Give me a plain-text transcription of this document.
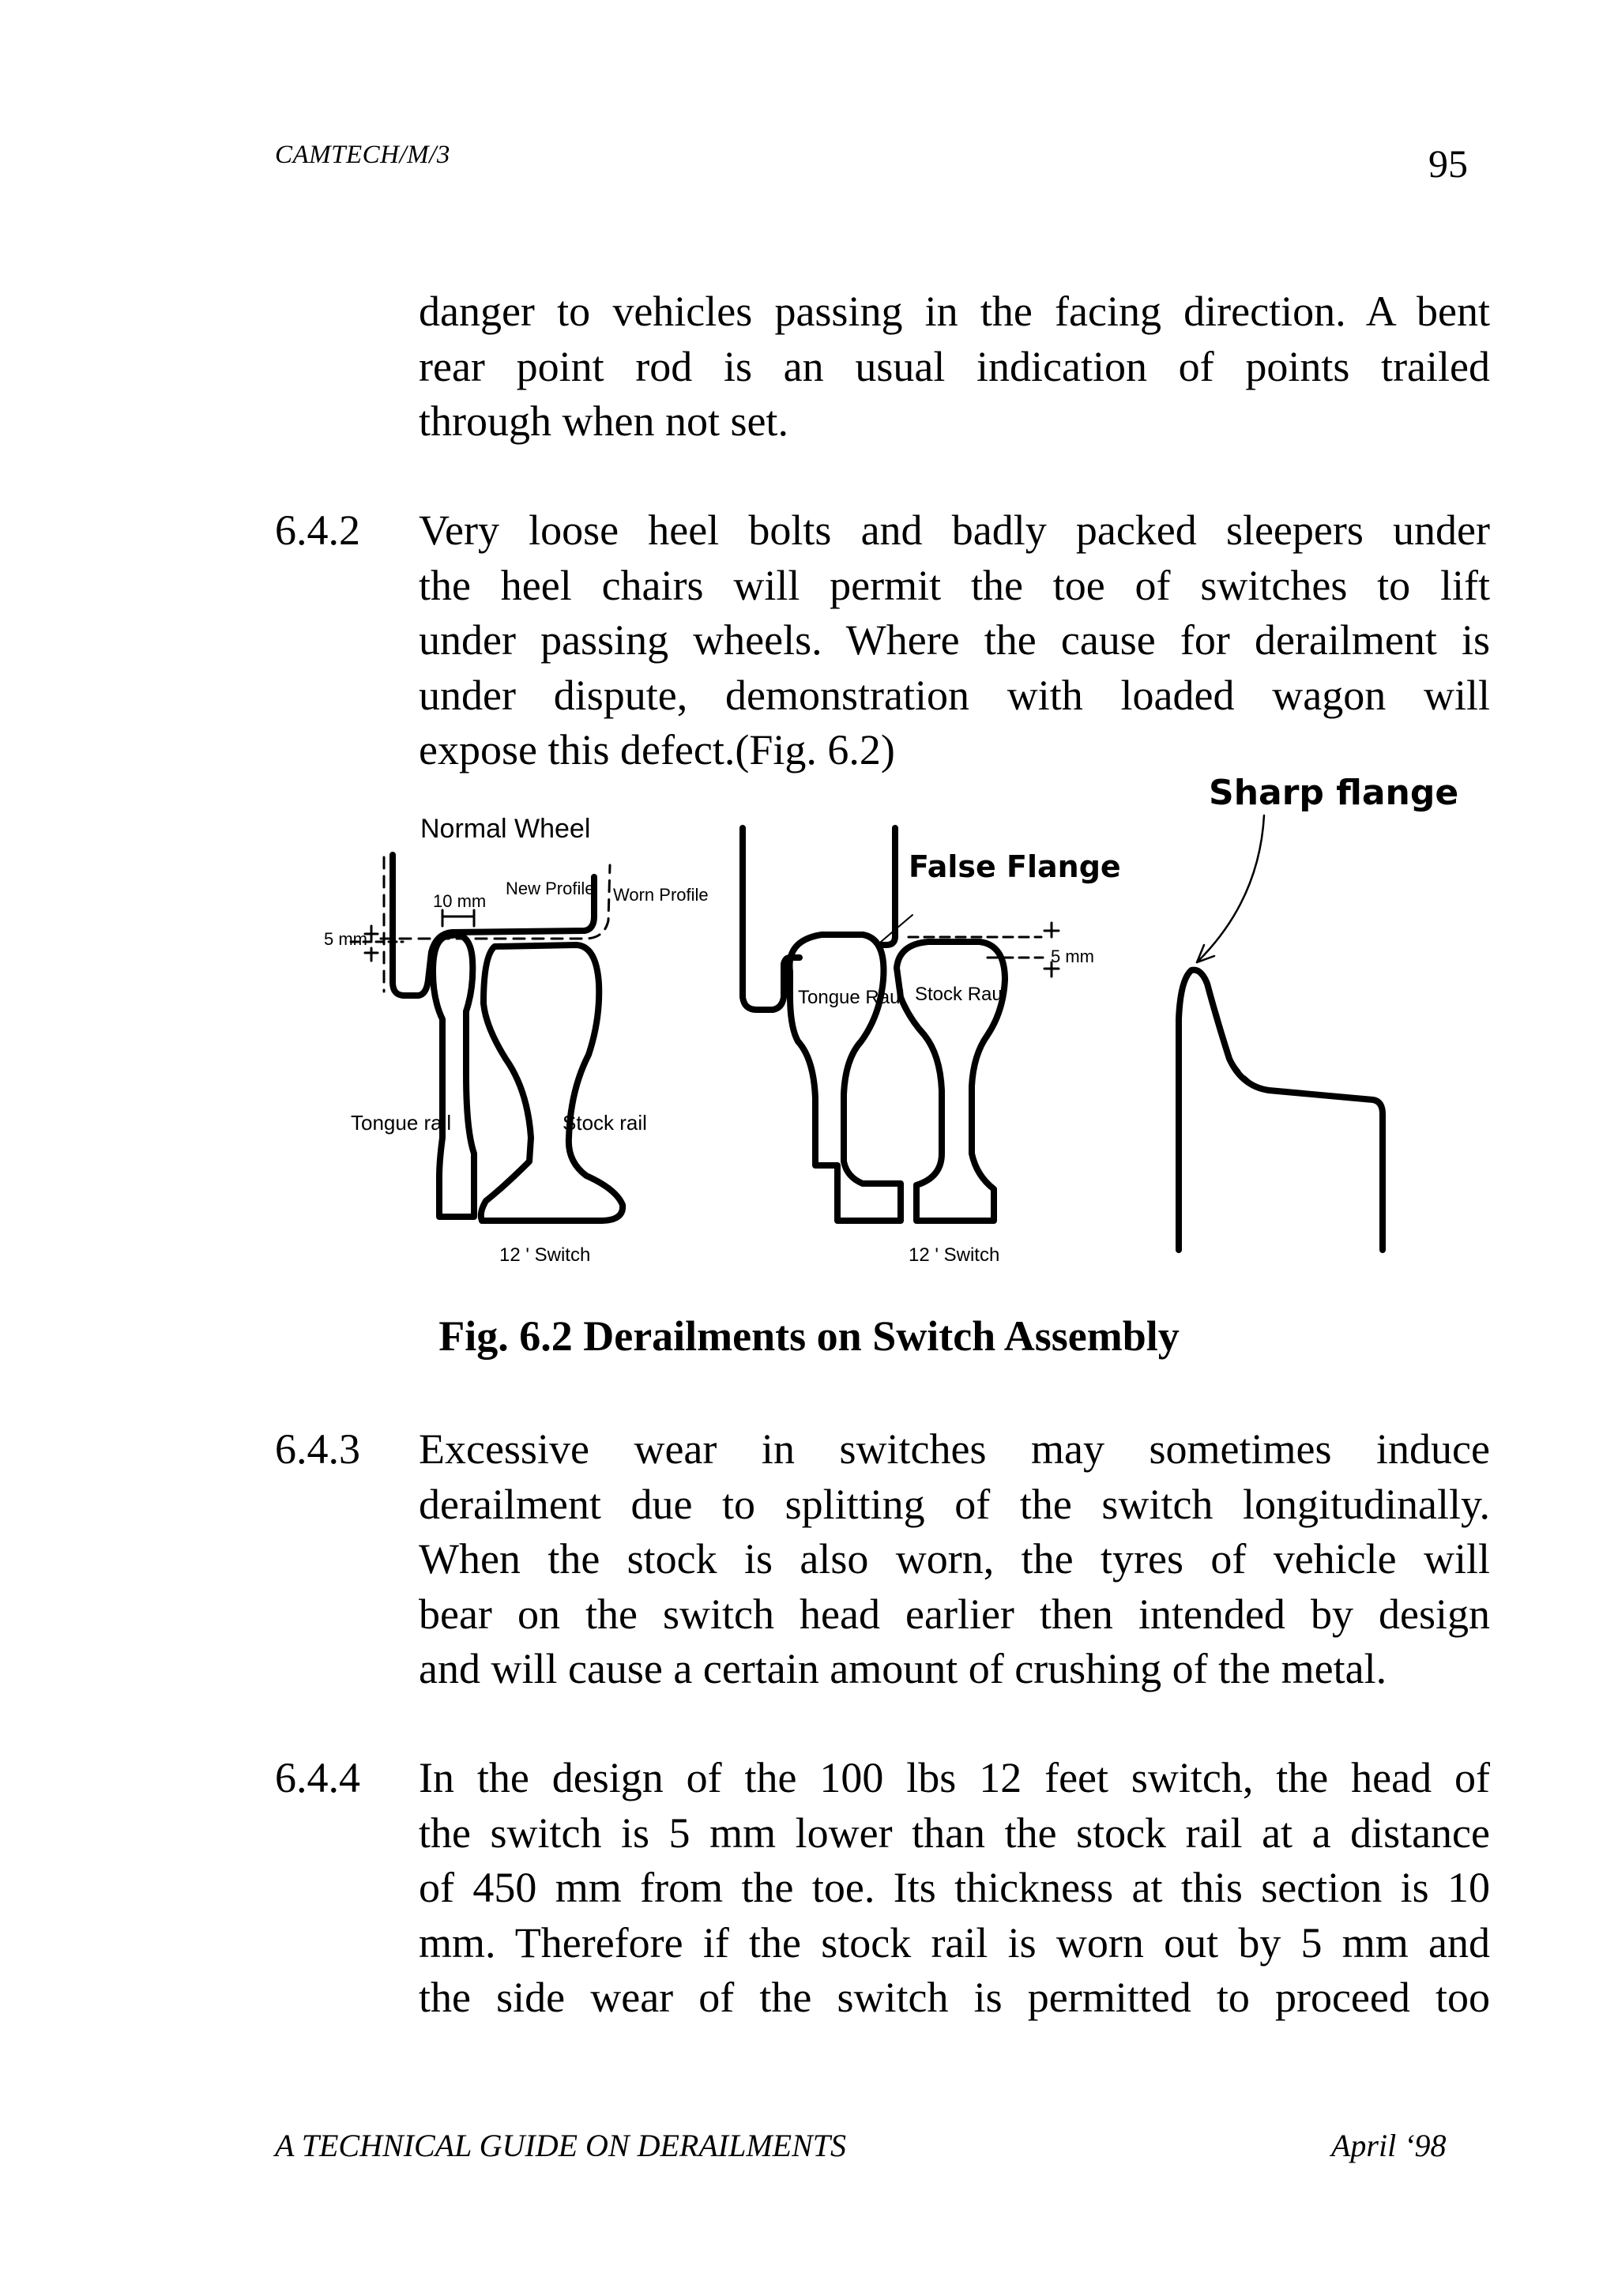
CAMTECH/M/3	95
danger to vehicles passing in the facing direction. A bent
rear point rod is an usual indication of points trailed
through when not set.
6.4.2 Very loose heel bolts and badly packed sleepers under
the heel chairs will permit the toe of switches to lift
under passing wheels. Where the cause for derailment is
under dispute, demonstration with loaded wagon will
expose this defect.(Fig. 6.2)
Normal Wheel
New Profile Worn Profile
10 mm
5 mm
Tongue rail	Stock rail
12 ' Switch
False Flange
5 mm
Tongue Raul Stock Raul
12 ' Switch
Sharp flange
Fig. 6.2 Derailments on Switch Assembly
6.4.3 Excessive wear in switches may sometimes induce
derailment due to splitting of the switch longitudinally.
When the stock is also worn, the tyres of vehicle will
bear on the switch head earlier then intended by design
and will cause a certain amount of crushing of the metal.
6.4.4 In the design of the 100 lbs 12 feet switch, the head of
the switch is 5 mm lower than the stock rail at a distance
of 450 mm from the toe. Its thickness at this section is 10
mm. Therefore if the stock rail is worn out by 5 mm and
the side wear of the switch is permitted to proceed too
A TECHNICAL GUIDE ON DERAILMENTS	April ‘98
